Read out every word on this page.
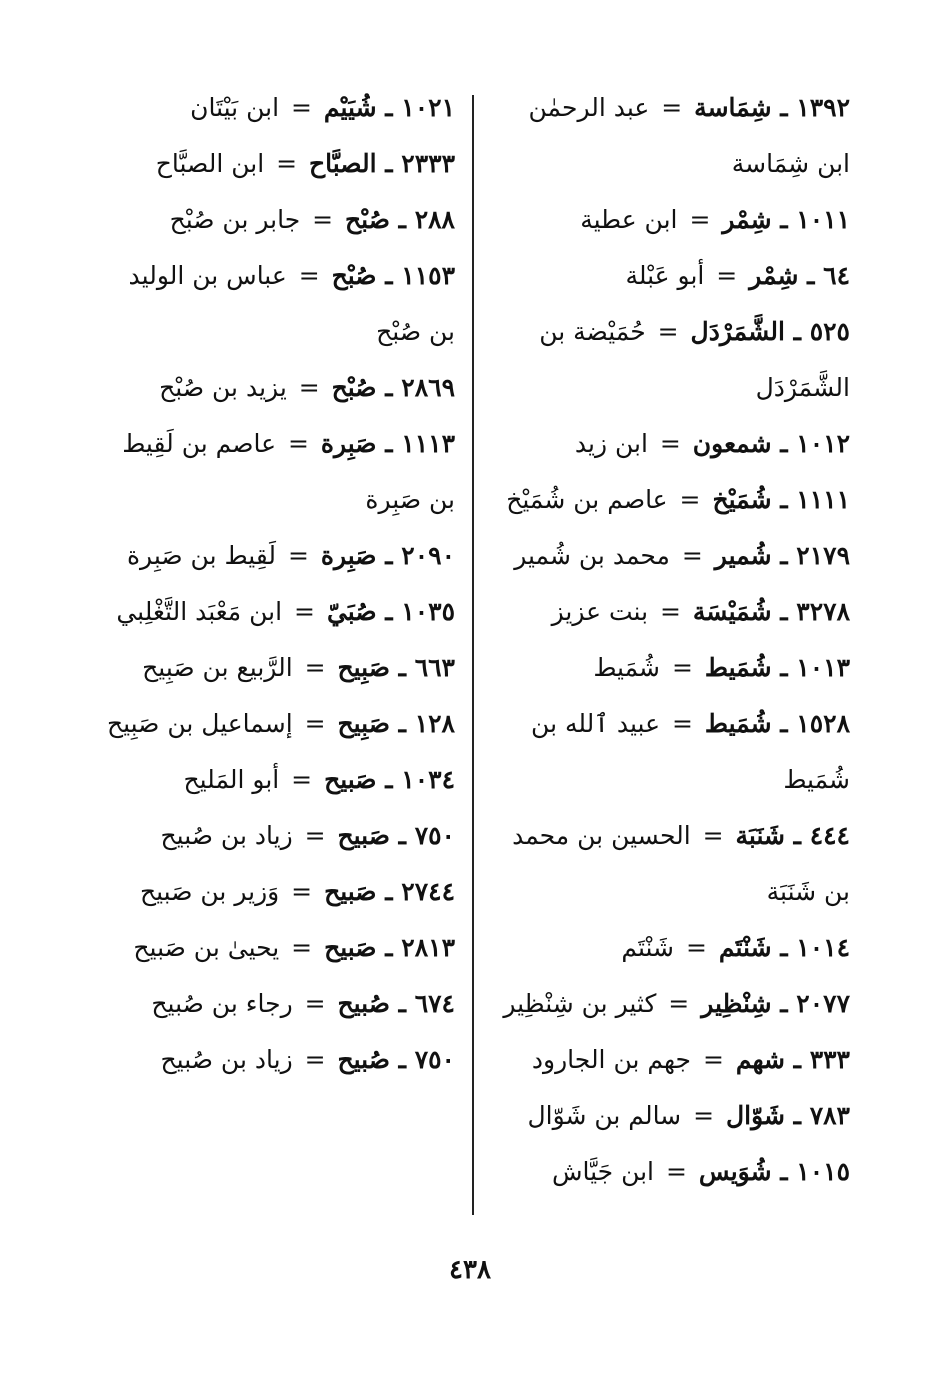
١٣٩٢ ـ شِمَاسة = عبد الرحمٰن ابن شِمَاسة
١٠١١ ـ شِمْر = ابن عطية
٦٤ ـ شِمْر = أبو عَبْلة
٥٢٥ ـ الشَّمَرْدَل = حُمَيْضة بن الشَّمَرْدَل
١٠١٢ ـ شمعون = ابن زيد
١١١١ ـ شُمَيْخ = عاصم بن شُمَيْخ
٢١٧٩ ـ شُمير = محمد بن شُمير
٣٢٧٨ ـ شُمَيْسَة = بنت عزيز
١٠١٣ ـ شُمَيط = شُمَيط
١٥٢٨ ـ شُمَيط = عبيد ٱلله بن شُمَيط
٤٤٤ ـ شَنَبَة = الحسين بن محمد بن شَنَبَة
١٠١٤ ـ شَنْتَم = شَنْتَم
٢٠٧٧ ـ شِنْظِير = كثير بن شِنْظِير
٣٣٣ ـ شهم = جهم بن الجارود
٧٨٣ ـ شَوّال = سالم بن شَوّال
١٠١٥ ـ شُوَيس = ابن جَيَّاش
١٠٢١ ـ شُيَيْم = ابن بَيْتَان
٢٣٣٣ ـ الصبَّاح = ابن الصبَّاح
٢٨٨ ـ صُبْح = جابر بن صُبْح
١١٥٣ ـ صُبْح = عباس بن الوليد بن صُبْح
٢٨٦٩ ـ صُبْح = يزيد بن صُبْح
١١١٣ ـ صَبِرة = عاصم بن لَقِيط بن صَبِرة
٢٠٩٠ ـ صَبِرة = لَقِيط بن صَبِرة
١٠٣٥ ـ صُبَيّ = ابن مَعْبَد التَّغْلِبي
٦٦٣ ـ صَبِيح = الرَّبيع بن صَبِيح
١٢٨ ـ صَبِيح = إسماعيل بن صَبِيح
١٠٣٤ ـ صَبيح = أبو المَليح
٧٥٠ ـ صَبيح = زياد بن صُبيح
٢٧٤٤ ـ صَبيح = وَزير بن صَبيح
٢٨١٣ ـ صَبيح = يحيىٰ بن صَبيح
٦٧٤ ـ صُبيح = رجاء بن صُبيح
٧٥٠ ـ صُبيح = زياد بن صُبيح
٤٣٨
